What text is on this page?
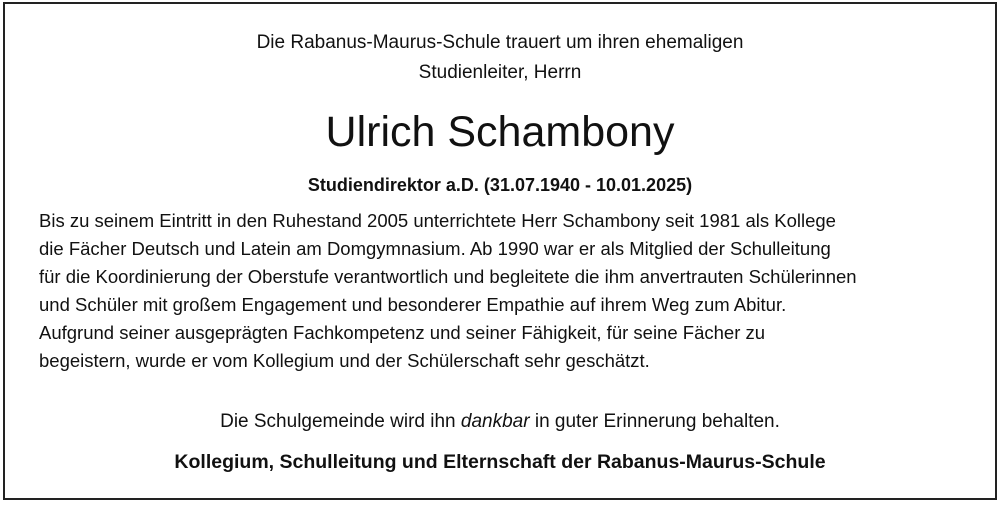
Die Rabanus-Maurus-Schule trauert um ihren ehemaligen
Studienleiter, Herrn

Ulrich Schambony

Studiendirektor a.D. (31.07.1940 - 10.01.2025)

Bis zu seinem Eintritt in den Ruhestand 2005 unterrichtete Herr Schambony seit 1981 als Kollege
die Fächer Deutsch und Latein am Domgymnasium. Ab 1990 war er als Mitglied der Schulleitung
für die Koordinierung der Oberstufe verantwortlich und begleitete die ihm anvertrauten Schülerinnen
und Schüler mit großem Engagement und besonderer Empathie auf ihrem Weg zum Abitur.
Aufgrund seiner ausgeprägten Fachkompetenz und seiner Fähigkeit, für seine Fächer zu
begeistern, wurde er vom Kollegium und der Schülerschaft sehr geschätzt.

Die Schulgemeinde wird ihn dankbar in guter Erinnerung behalten.

Kollegium, Schulleitung und Elternschaft der Rabanus-Maurus-Schule
